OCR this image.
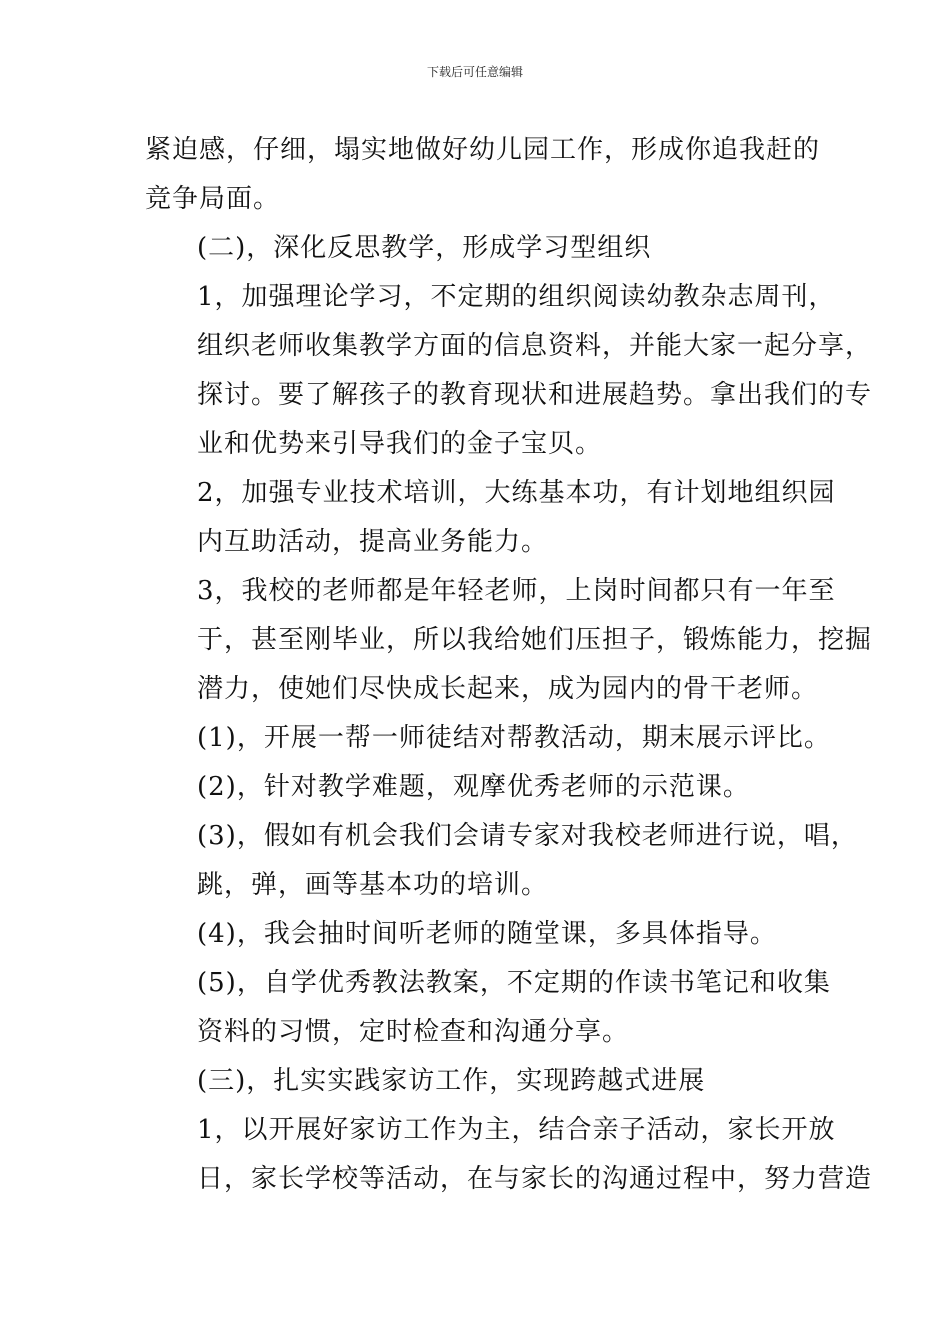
下载后可任意编辑

紧迫感，仔细，塌实地做好幼儿园工作，形成你追我赶的
竞争局面。

(二)，深化反思教学，形成学习型组织

1，加强理论学习，不定期的组织阅读幼教杂志周刊，
组织老师收集教学方面的信息资料，并能大家一起分享，
探讨。要了解孩子的教育现状和进展趋势。拿出我们的专
业和优势来引导我们的金子宝贝。

2，加强专业技术培训，大练基本功，有计划地组织园
内互助活动，提高业务能力。

3，我校的老师都是年轻老师，上岗时间都只有一年至
于，甚至刚毕业，所以我给她们压担子，锻炼能力，挖掘
潜力，使她们尽快成长起来，成为园内的骨干老师。

(1)，开展一帮一师徒结对帮教活动，期末展示评比。

(2)，针对教学难题，观摩优秀老师的示范课。

(3)，假如有机会我们会请专家对我校老师进行说，唱，
跳，弹，画等基本功的培训。

(4)，我会抽时间听老师的随堂课，多具体指导。

(5)，自学优秀教法教案，不定期的作读书笔记和收集
资料的习惯，定时检查和沟通分享。

(三)，扎实实践家访工作，实现跨越式进展

1，以开展好家访工作为主，结合亲子活动，家长开放
日，家长学校等活动，在与家长的沟通过程中，努力营造
